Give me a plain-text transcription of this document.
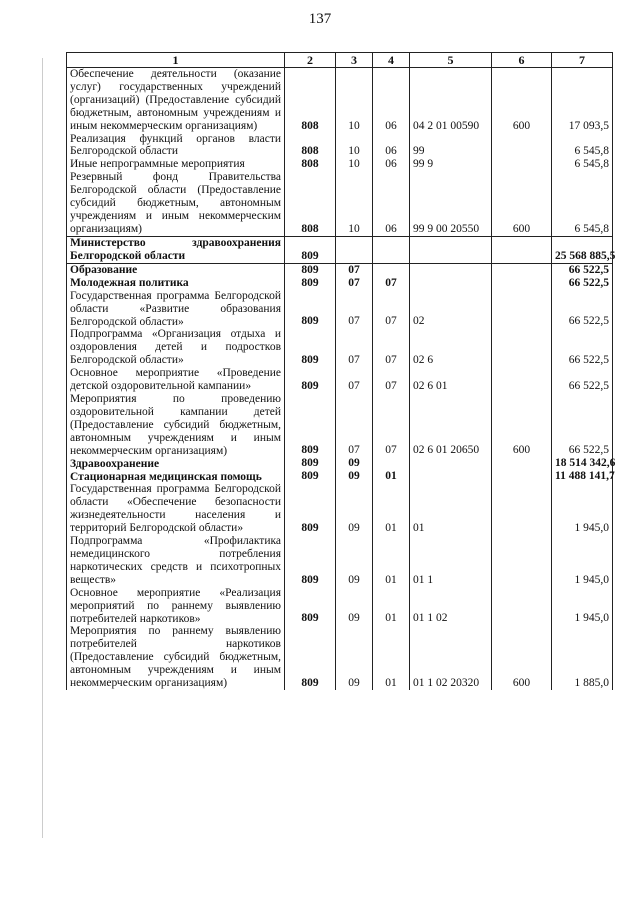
137
1	2	3	4	5	6	7
Обеспечение деятельности (оказание услуг) государственных учреждений (организаций) (Предоставление субсидий бюджетным, автономным учреждениям и иным некоммерческим организациям)	808	10	06	04 2 01 00590	600	17 093,5
Реализация функций органов власти Белгородской области	808	10	06	99		6 545,8
Иные непрограммные мероприятия	808	10	06	99 9		6 545,8
Резервный фонд Правительства Белгородской области (Предоставление субсидий бюджетным, автономным учреждениям и иным некоммерческим организациям)	808	10	06	99 9 00 20550	600	6 545,8
Министерство здравоохранения Белгородской области	809					25 568 885,5
Образование	809	07				66 522,5
Молодежная политика	809	07	07			66 522,5
Государственная программа Белгородской области «Развитие образования Белгородской области»	809	07	07	02		66 522,5
Подпрограмма «Организация отдыха и оздоровления детей и подростков Белгородской области»	809	07	07	02 6		66 522,5
Основное мероприятие «Проведение детской оздоровительной кампании»	809	07	07	02 6 01		66 522,5
Мероприятия по проведению оздоровительной кампании детей (Предоставление субсидий бюджетным, автономным учреждениям и иным некоммерческим организациям)	809	07	07	02 6 01 20650	600	66 522,5
Здравоохранение	809	09				18 514 342,6
Стационарная медицинская помощь	809	09	01			11 488 141,7
Государственная программа Белгородской области «Обеспечение безопасности жизнедеятельности населения и территорий Белгородской области»	809	09	01	01		1 945,0
Подпрограмма «Профилактика немедицинского потребления наркотических средств и психотропных веществ»	809	09	01	01 1		1 945,0
Основное мероприятие «Реализация мероприятий по раннему выявлению потребителей наркотиков»	809	09	01	01 1 02		1 945,0
Мероприятия по раннему выявлению потребителей наркотиков (Предоставление субсидий бюджетным, автономным учреждениям и иным некоммерческим организациям)	809	09	01	01 1 02 20320	600	1 885,0
